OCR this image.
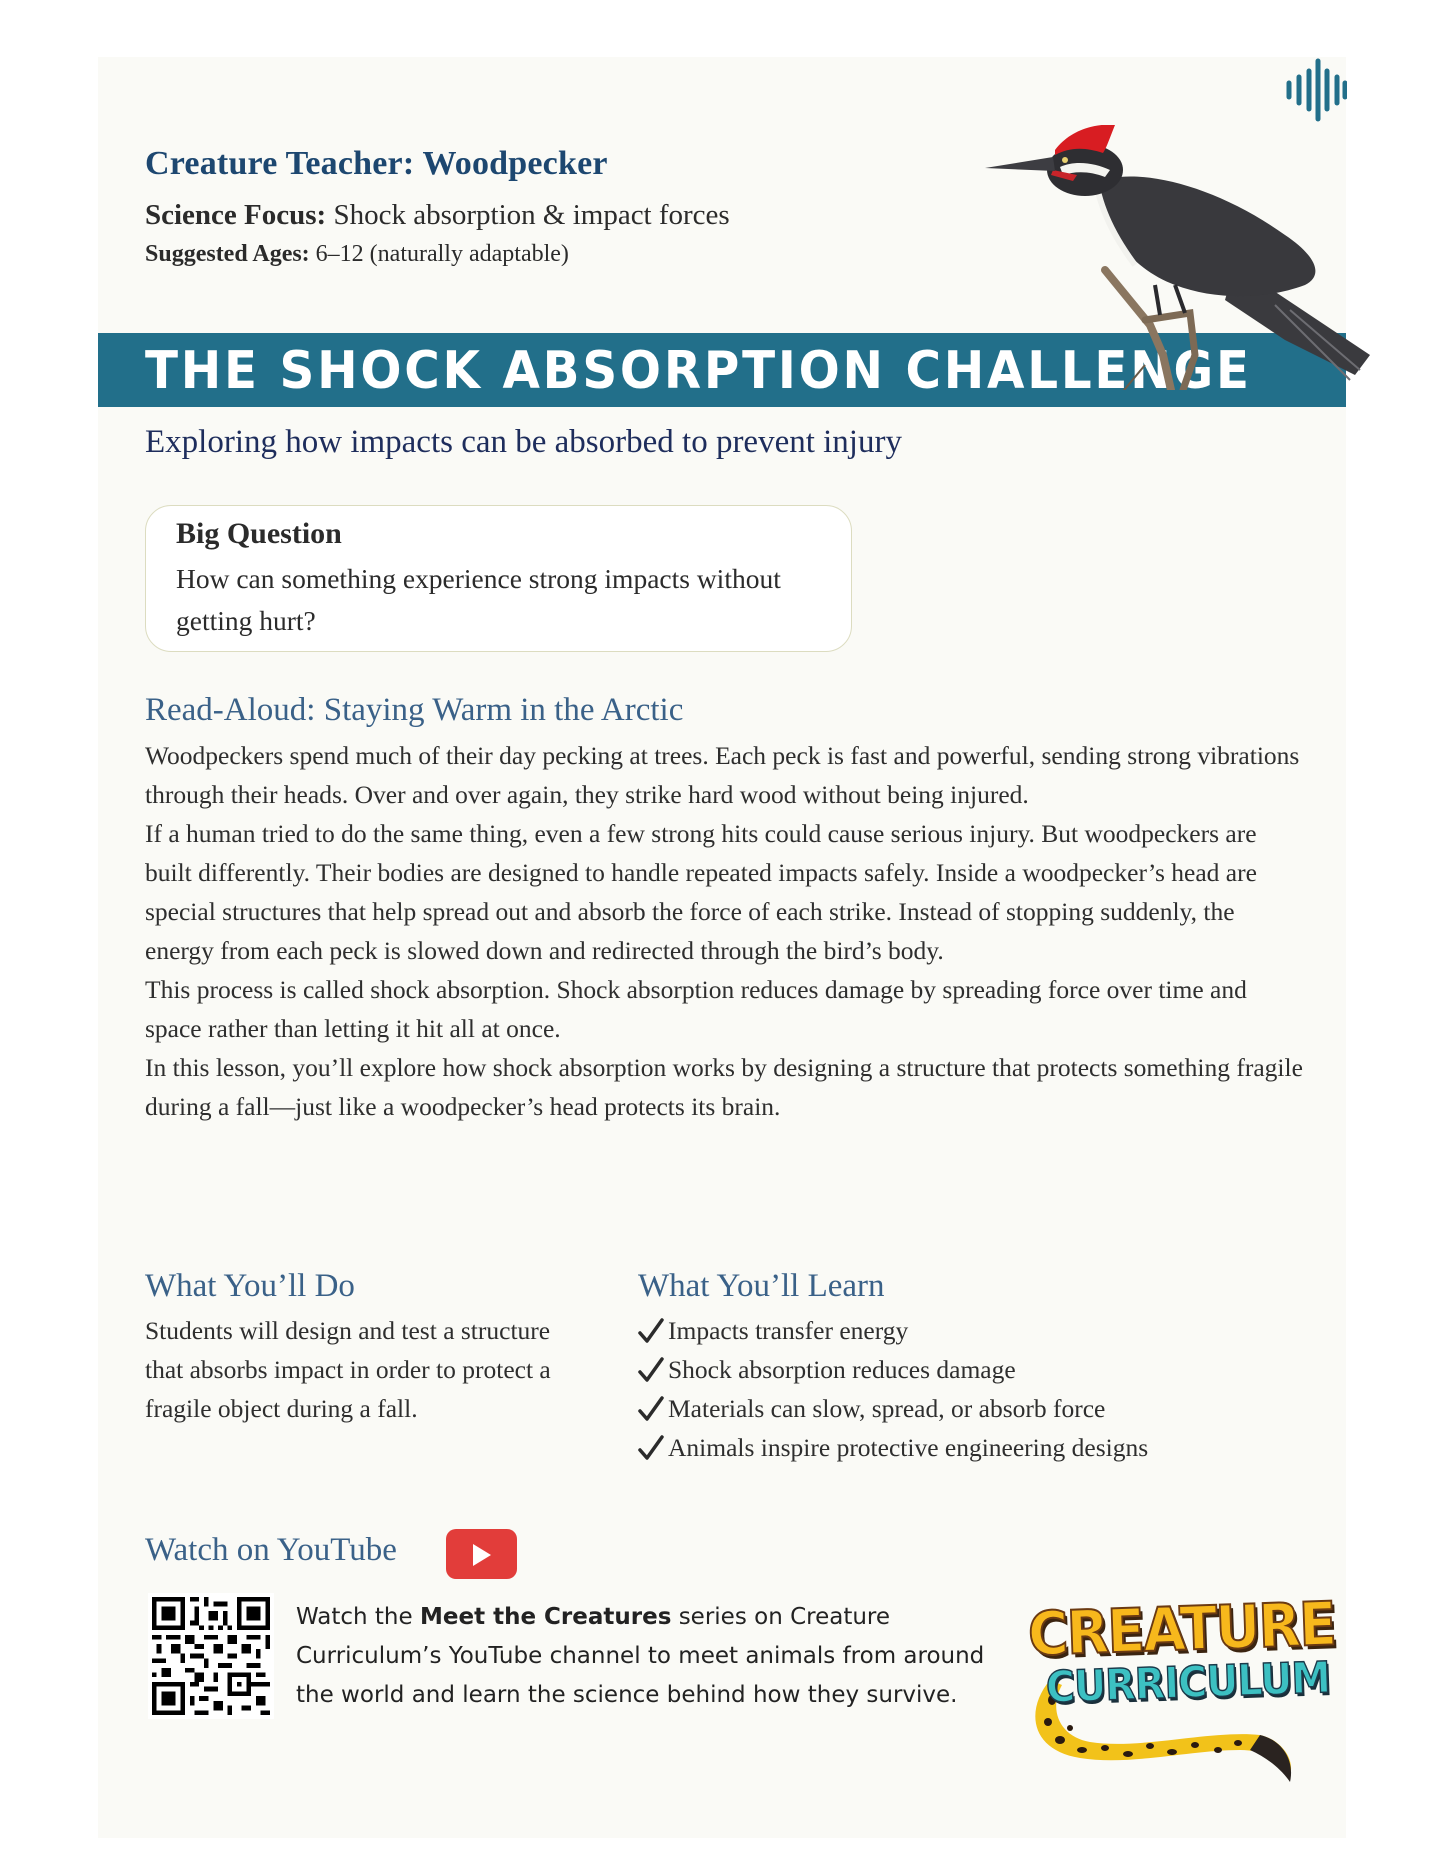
Creature Teacher: Woodpecker
Science Focus: Shock absorption & impact forces
Suggested Ages: 6–12 (naturally adaptable)
THE SHOCK ABSORPTION CHALLENGE
Exploring how impacts can be absorbed to prevent injury
Big Question
How can something experience strong impacts without getting hurt?
Read-Aloud: Staying Warm in the Arctic

Woodpeckers spend much of their day pecking at trees. Each peck is fast and powerful, sending strong vibrations through their heads. Over and over again, they strike hard wood without being injured.

If a human tried to do the same thing, even a few strong hits could cause serious injury. But woodpeckers are built differently. Their bodies are designed to handle repeated impacts safely. Inside a woodpecker’s head are special structures that help spread out and absorb the force of each strike. Instead of stopping suddenly, the energy from each peck is slowed down and redirected through the bird’s body.

This process is called shock absorption. Shock absorption reduces damage by spreading force over time and space rather than letting it hit all at once.

In this lesson, you’ll explore how shock absorption works by designing a structure that protects something fragile during a fall—just like a woodpecker’s head protects its brain.

What You’ll Do
Students will design and test a structure that absorbs impact in order to protect a fragile object during a fall.
What You’ll Learn
Impacts transfer energy
Shock absorption reduces damage
Materials can slow, spread, or absorb force
Animals inspire protective engineering designs
Watch on YouTube
Watch the Meet the Creatures series on Creature Curriculum’s YouTube channel to meet animals from around the world and learn the science behind how they survive.
CREATURE
CURRICULUM
